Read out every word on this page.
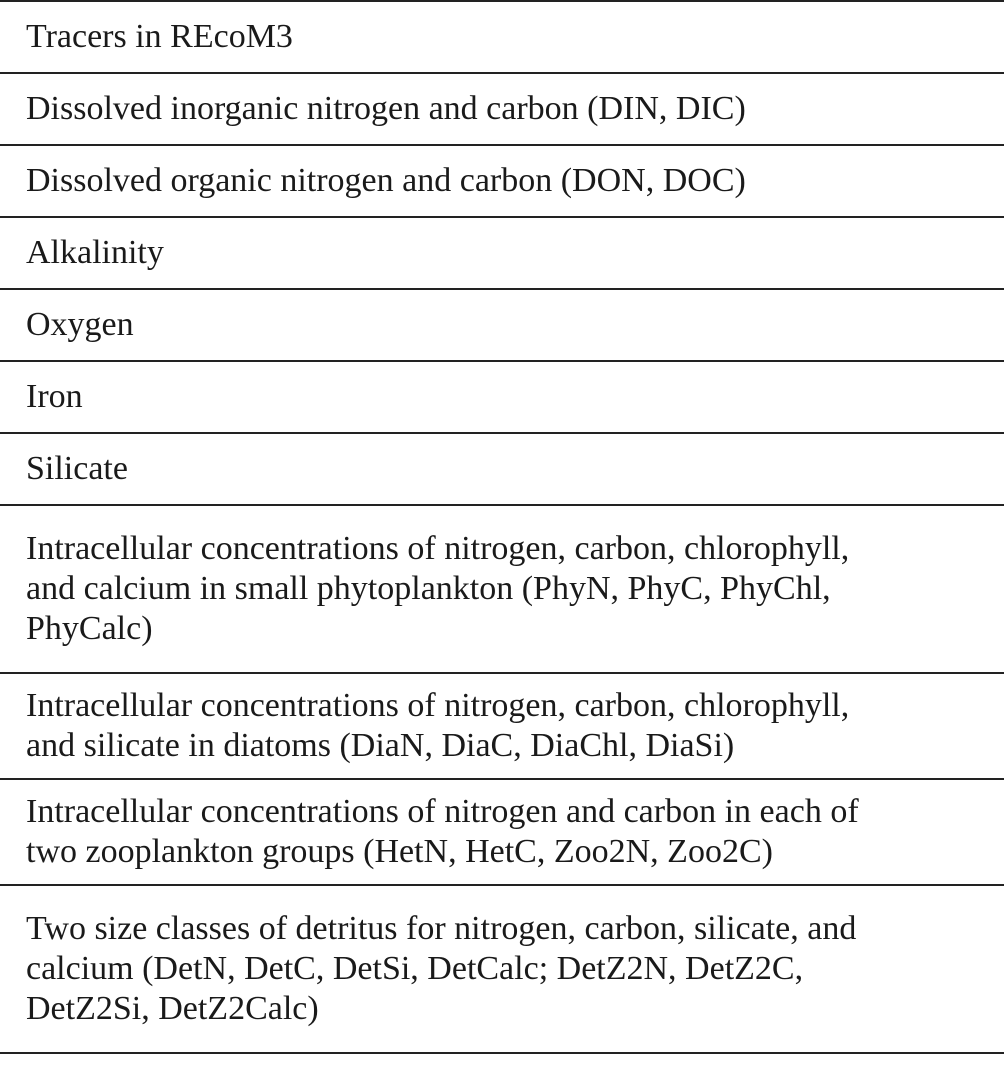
Tracers in REcoM3
Dissolved inorganic nitrogen and carbon (DIN, DIC)
Dissolved organic nitrogen and carbon (DON, DOC)
Alkalinity
Oxygen
Iron
Silicate

Intracellular concentrations of nitrogen, carbon, chlorophyll,
and calcium in small phytoplankton (PhyN, PhyC, PhyChl,
PhyCalc)

Intracellular concentrations of nitrogen, carbon, chlorophyll,
and silicate in diatoms (DiaN, DiaC, DiaChl, DiaSi)

Intracellular concentrations of nitrogen and carbon in each of
two zooplankton groups (HetN, HetC, Zoo2N, Zoo2C)

Two size classes of detritus for nitrogen, carbon, silicate, and
calcium (DetN, DetC, DetSi, DetCalc; DetZ2N, DetZ2C,
DetZ2Si, DetZ2Calc)
